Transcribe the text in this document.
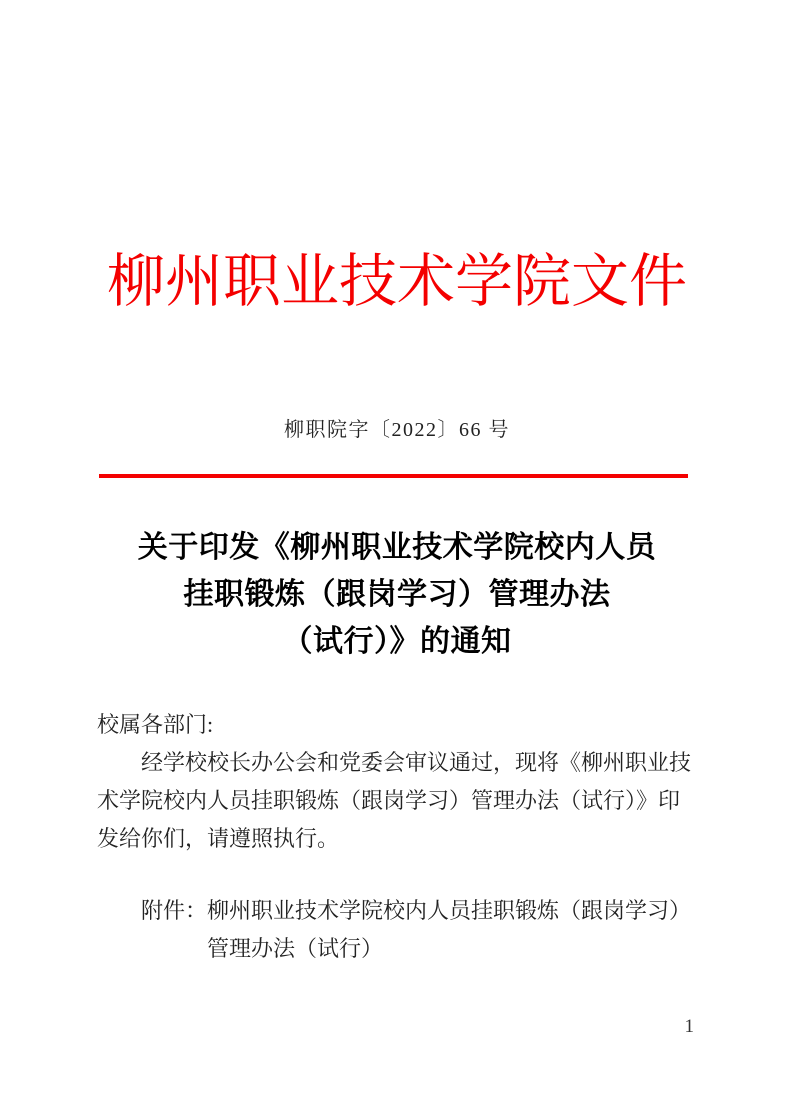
柳州职业技术学院文件
柳职院字〔2022〕66 号
关于印发《柳州职业技术学院校内人员
挂职锻炼（跟岗学习）管理办法
（试行）》的通知
校属各部门:
经学校校长办公会和党委会审议通过，现将《柳州职业技
术学院校内人员挂职锻炼（跟岗学习）管理办法（试行）》印
发给你们，请遵照执行。
附件：柳州职业技术学院校内人员挂职锻炼（跟岗学习）
管理办法（试行）
1
